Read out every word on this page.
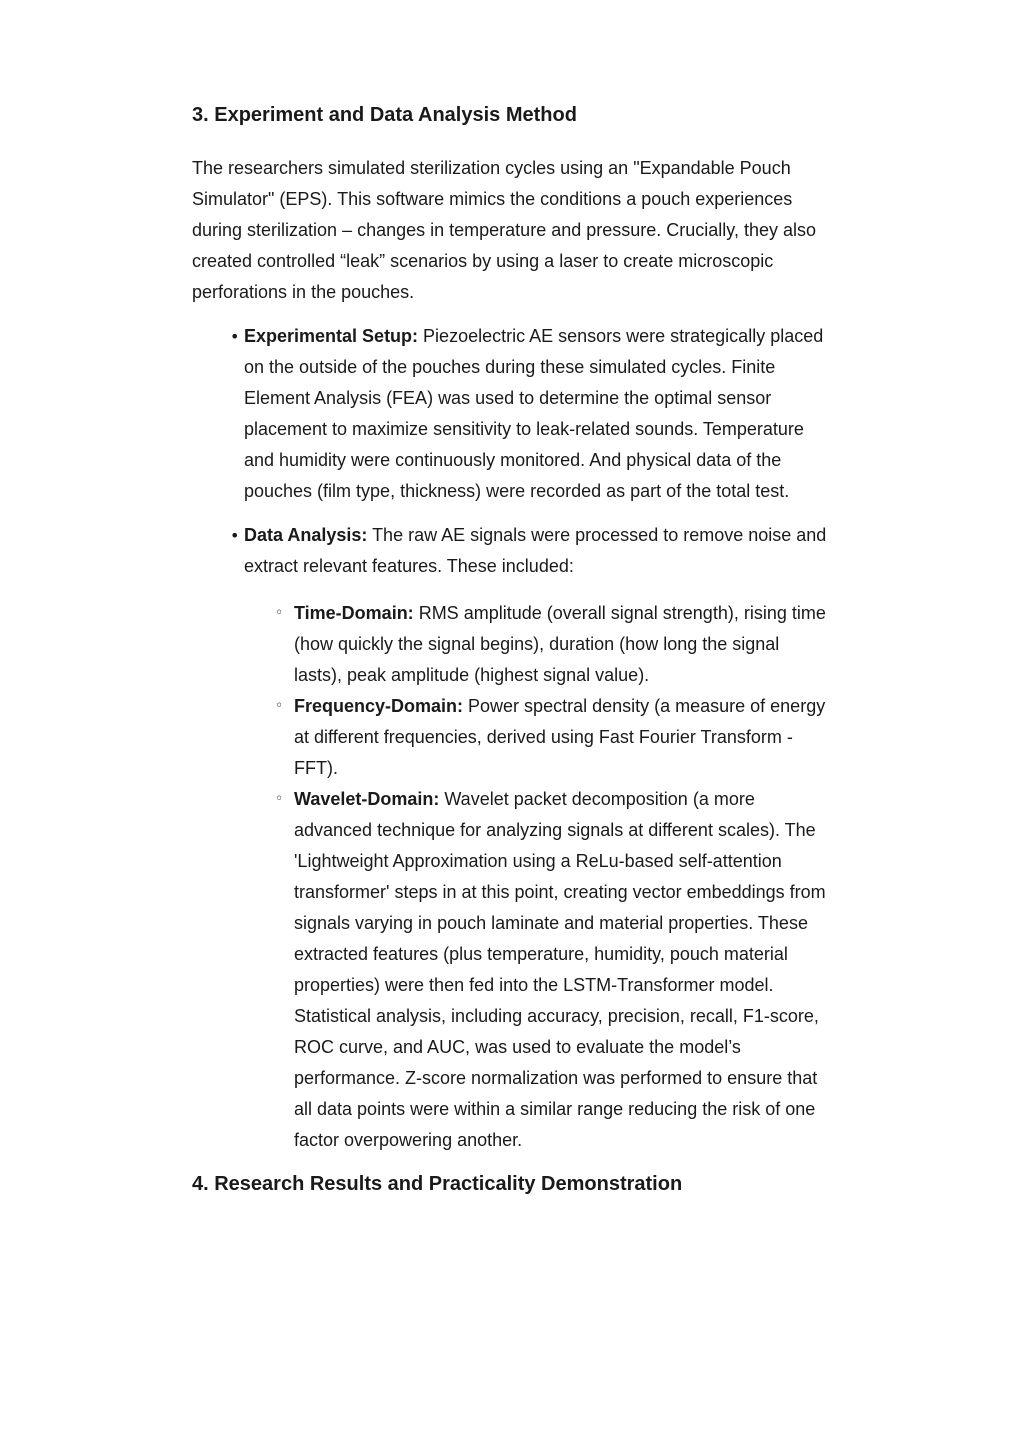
3. Experiment and Data Analysis Method

The researchers simulated sterilization cycles using an "Expandable Pouch Simulator" (EPS). This software mimics the conditions a pouch experiences during sterilization – changes in temperature and pressure. Crucially, they also created controlled “leak” scenarios by using a laser to create microscopic perforations in the pouches.

• Experimental Setup: Piezoelectric AE sensors were strategically placed on the outside of the pouches during these simulated cycles. Finite Element Analysis (FEA) was used to determine the optimal sensor placement to maximize sensitivity to leak-related sounds. Temperature and humidity were continuously monitored. And physical data of the pouches (film type, thickness) were recorded as part of the total test.
• Data Analysis: The raw AE signals were processed to remove noise and extract relevant features. These included:
◦ Time-Domain: RMS amplitude (overall signal strength), rising time (how quickly the signal begins), duration (how long the signal lasts), peak amplitude (highest signal value).
◦ Frequency-Domain: Power spectral density (a measure of energy at different frequencies, derived using Fast Fourier Transform - FFT).
◦ Wavelet-Domain: Wavelet packet decomposition (a more advanced technique for analyzing signals at different scales). The 'Lightweight Approximation using a ReLu-based self-attention transformer' steps in at this point, creating vector embeddings from signals varying in pouch laminate and material properties. These extracted features (plus temperature, humidity, pouch material properties) were then fed into the LSTM-Transformer model. Statistical analysis, including accuracy, precision, recall, F1-score, ROC curve, and AUC, was used to evaluate the model’s performance. Z-score normalization was performed to ensure that all data points were within a similar range reducing the risk of one factor overpowering another.
4. Research Results and Practicality Demonstration
